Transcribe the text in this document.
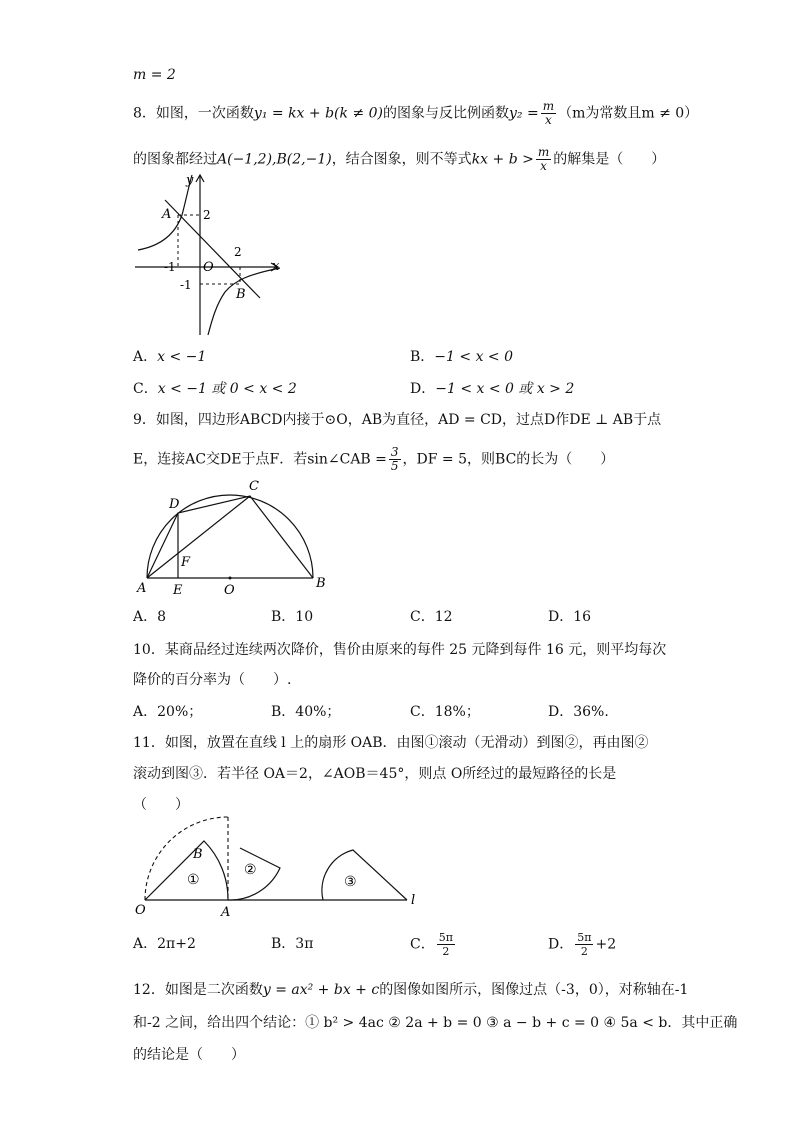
m = 2
8．如图，一次函数y₁ = kx + b(k ≠ 0)的图象与反比例函数$y_2 = \frac{m}{x} (m$为常数且m ≠ 0）
的图象都经过A(−1,2),B(2,−1)，结合图象，则不等式kx + $b > \frac{m}{x}$ 的解集是（　　）
y
x
O
A
B
2
-1
2
-1
A．x < −1	B．−1 < x < 0
C．x < −1 或 0 < x < 2	D．−1 < x < 0 或 x > 2
9．如图，四边形ABCD内接于⊙O，AB为直径，AD = CD，过点D作DE ⊥ AB于点
E，连接AC交DE于点F．若sin∠CAB = $\frac{3}{5}$ ，DF = 5，则BC的长为（　　）
A	B
C
D
E
F
O
A．8	B．10	C．12	D．16
10．某商品经过连续两次降价，售价由原来的每件 25 元降到每件 16 元，则平均每次
降价的百分率为（　　）.
A．20%；	B．40%；	C．18%；	D．36%.
11．如图，放置在直线 l 上的扇形 OAB．由图①滚动（无滑动）到图②，再由图②
滚动到图③．若半径 OA＝2，∠AOB＝45°，则点 O所经过的最短路径的长是
（　　）
O	A
B
l
①
②
③
A．2π+2	B．3π	C． $\frac{5\pi}{2}$	D． $\frac{5\pi}{2} +2$
12．如图是二次函数y = ax² + bx + c的图像如图所示，图像过点（-3，0），对称轴在-1
和-2 之间，给出四个结论：① b² > 4ac ② 2a + b = 0 ③ a − b + c = 0 ④ 5a < b．其中正确
的结论是（　　）
